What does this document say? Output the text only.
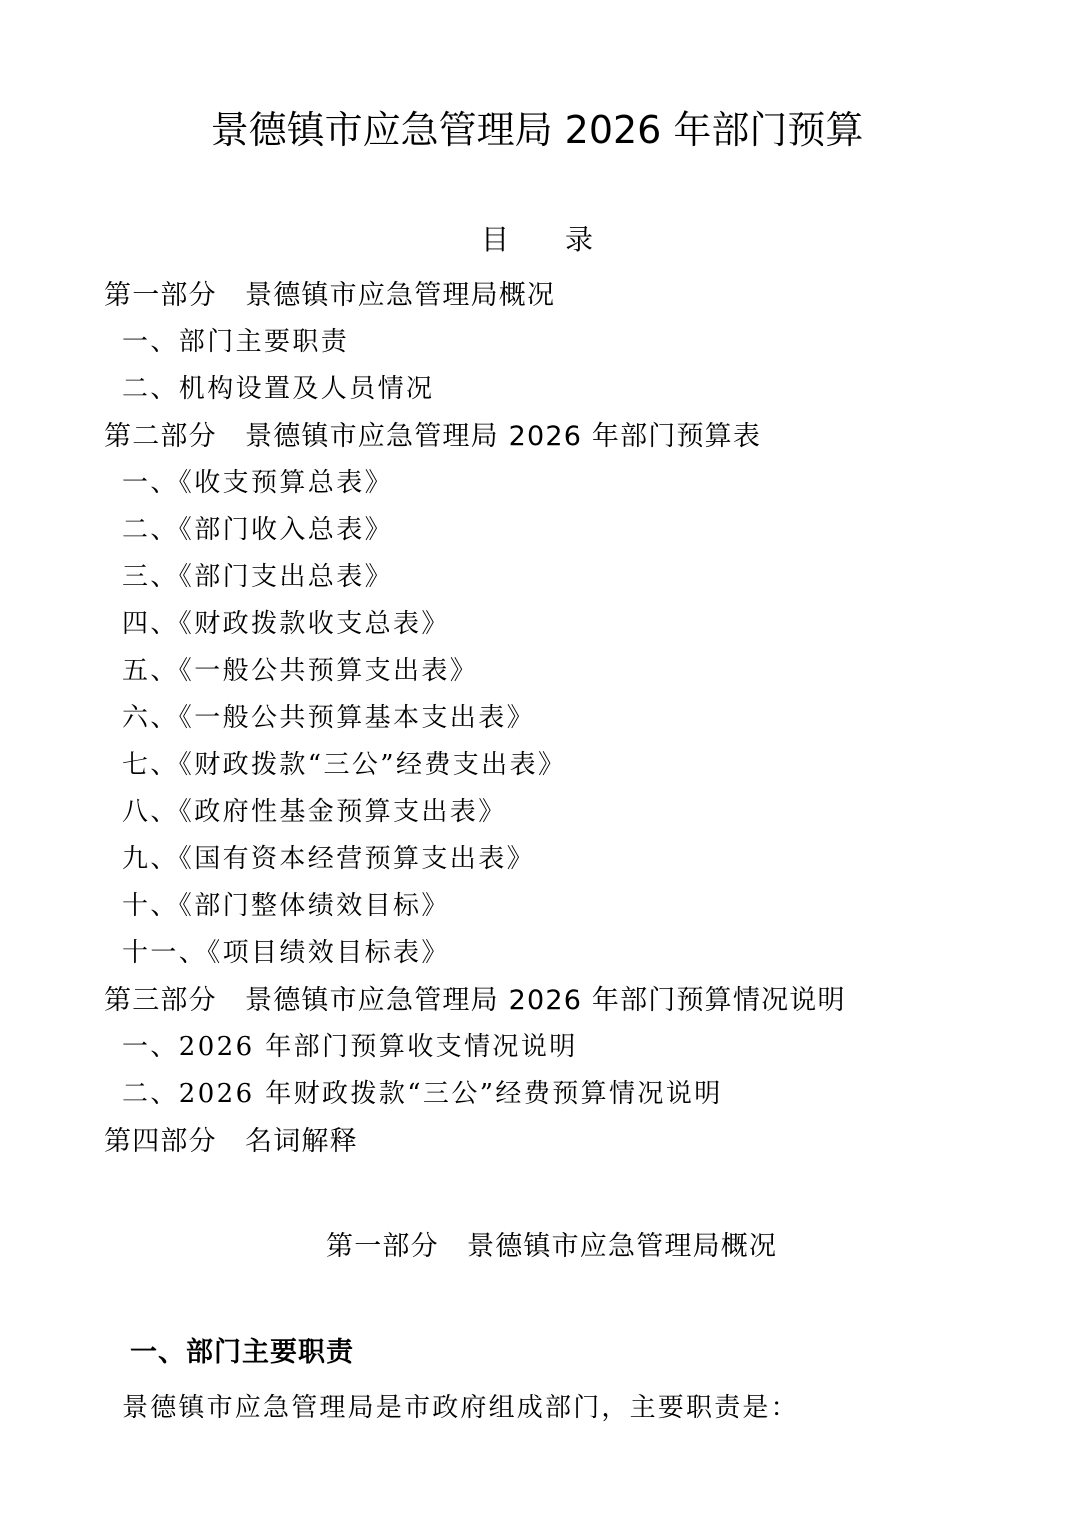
景德镇市应急管理局 2026 年部门预算
目　　录
第一部分　景德镇市应急管理局概况
一、部门主要职责
二、机构设置及人员情况
第二部分　景德镇市应急管理局 2026 年部门预算表
一、《收支预算总表》
二、《部门收入总表》
三、《部门支出总表》
四、《财政拨款收支总表》
五、《一般公共预算支出表》
六、《一般公共预算基本支出表》
七、《财政拨款“三公”经费支出表》
八、《政府性基金预算支出表》
九、《国有资本经营预算支出表》
十、《部门整体绩效目标》
十一、《项目绩效目标表》
第三部分　景德镇市应急管理局 2026 年部门预算情况说明
一、2026 年部门预算收支情况说明
二、2026 年财政拨款“三公”经费预算情况说明
第四部分　名词解释
第一部分　景德镇市应急管理局概况
一、部门主要职责
景德镇市应急管理局是市政府组成部门，主要职责是：
